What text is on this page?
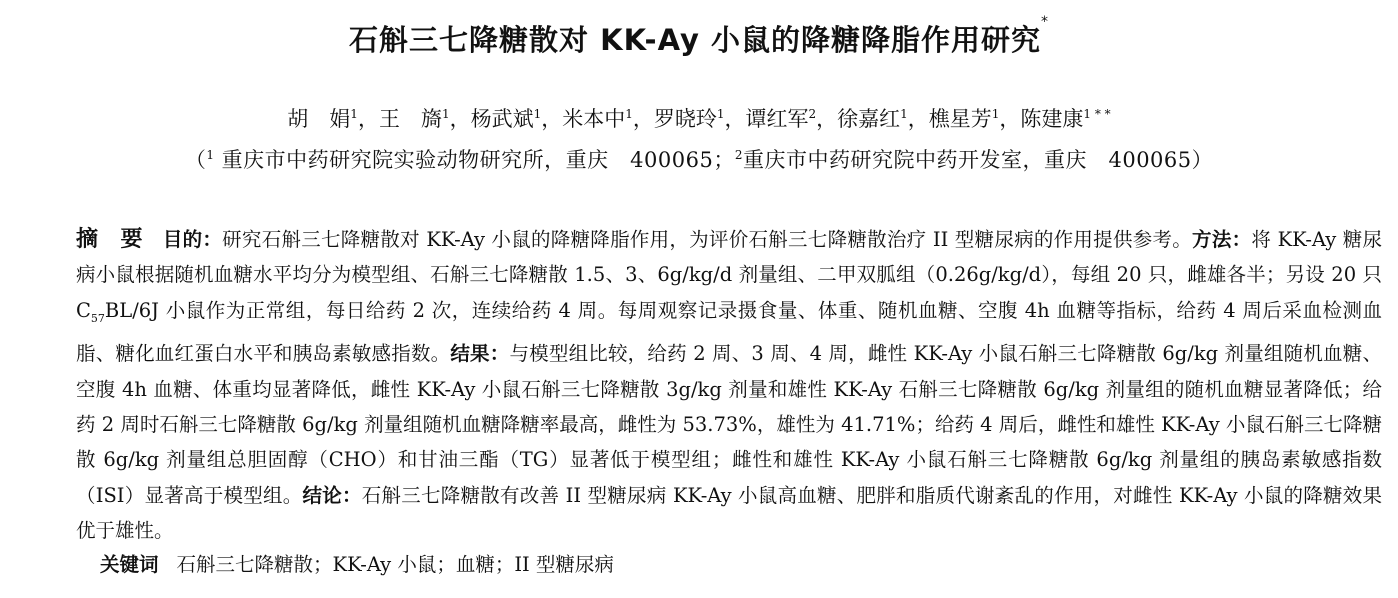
石斛三七降糖散对 KK-Ay 小鼠的降糖降脂作用研究*
胡　娟$^1$，王　旖$^1$，杨武斌$^1$，米本中$^1$，罗晓玲$^1$，谭红军$^2$，徐嘉红$^1$，樵星芳$^1$，陈建康$^{1 * *}$
（$^1$ 重庆市中药研究院实验动物研究所，重庆　400065；$^2$重庆市中药研究院中药开发室，重庆　400065）
摘　要 目的：研究石斛三七降糖散对 KK-Ay 小鼠的降糖降脂作用，为评价石斛三七降糖散治疗 II 型糖尿病的作用提供参考。方法：将 KK-Ay 糖尿病小鼠根据随机血糖水平均分为模型组、石斛三七降糖散 1.5、3、6g/kg/d 剂量组、二甲双胍组（0.26g/kg/d），每组 20 只，雌雄各半；另设 20 只 $C_{57}BL/6J$ 小鼠作为正常组，每日给药 2 次，连续给药 4 周。每周观察记录摄食量、体重、随机血糖、空腹 4h 血糖等指标，给药 4 周后采血检测血脂、糖化血红蛋白水平和胰岛素敏感指数。结果：与模型组比较，给药 2 周、3 周、4 周，雌性 KK-Ay 小鼠石斛三七降糖散 6g/kg 剂量组随机血糖、空腹 4h 血糖、体重均显著降低，雌性 KK-Ay 小鼠石斛三七降糖散 3g/kg 剂量和雄性 KK-Ay 石斛三七降糖散 6g/kg 剂量组的随机血糖显著降低；给药 2 周时石斛三七降糖散 6g/kg 剂量组随机血糖降糖率最高，雌性为 53.73%，雄性为 41.71%；给药 4 周后，雌性和雄性 KK-Ay 小鼠石斛三七降糖散 6g/kg 剂量组总胆固醇（CHO）和甘油三酯（TG）显著低于模型组；雌性和雄性 KK-Ay 小鼠石斛三七降糖散 6g/kg 剂量组的胰岛素敏感指数（ISI）显著高于模型组。结论：石斛三七降糖散有改善 II 型糖尿病 KK-Ay 小鼠高血糖、肥胖和脂质代谢紊乱的作用，对雌性 KK-Ay 小鼠的降糖效果优于雄性。
关键词 石斛三七降糖散；KK-Ay 小鼠；血糖；II 型糖尿病
